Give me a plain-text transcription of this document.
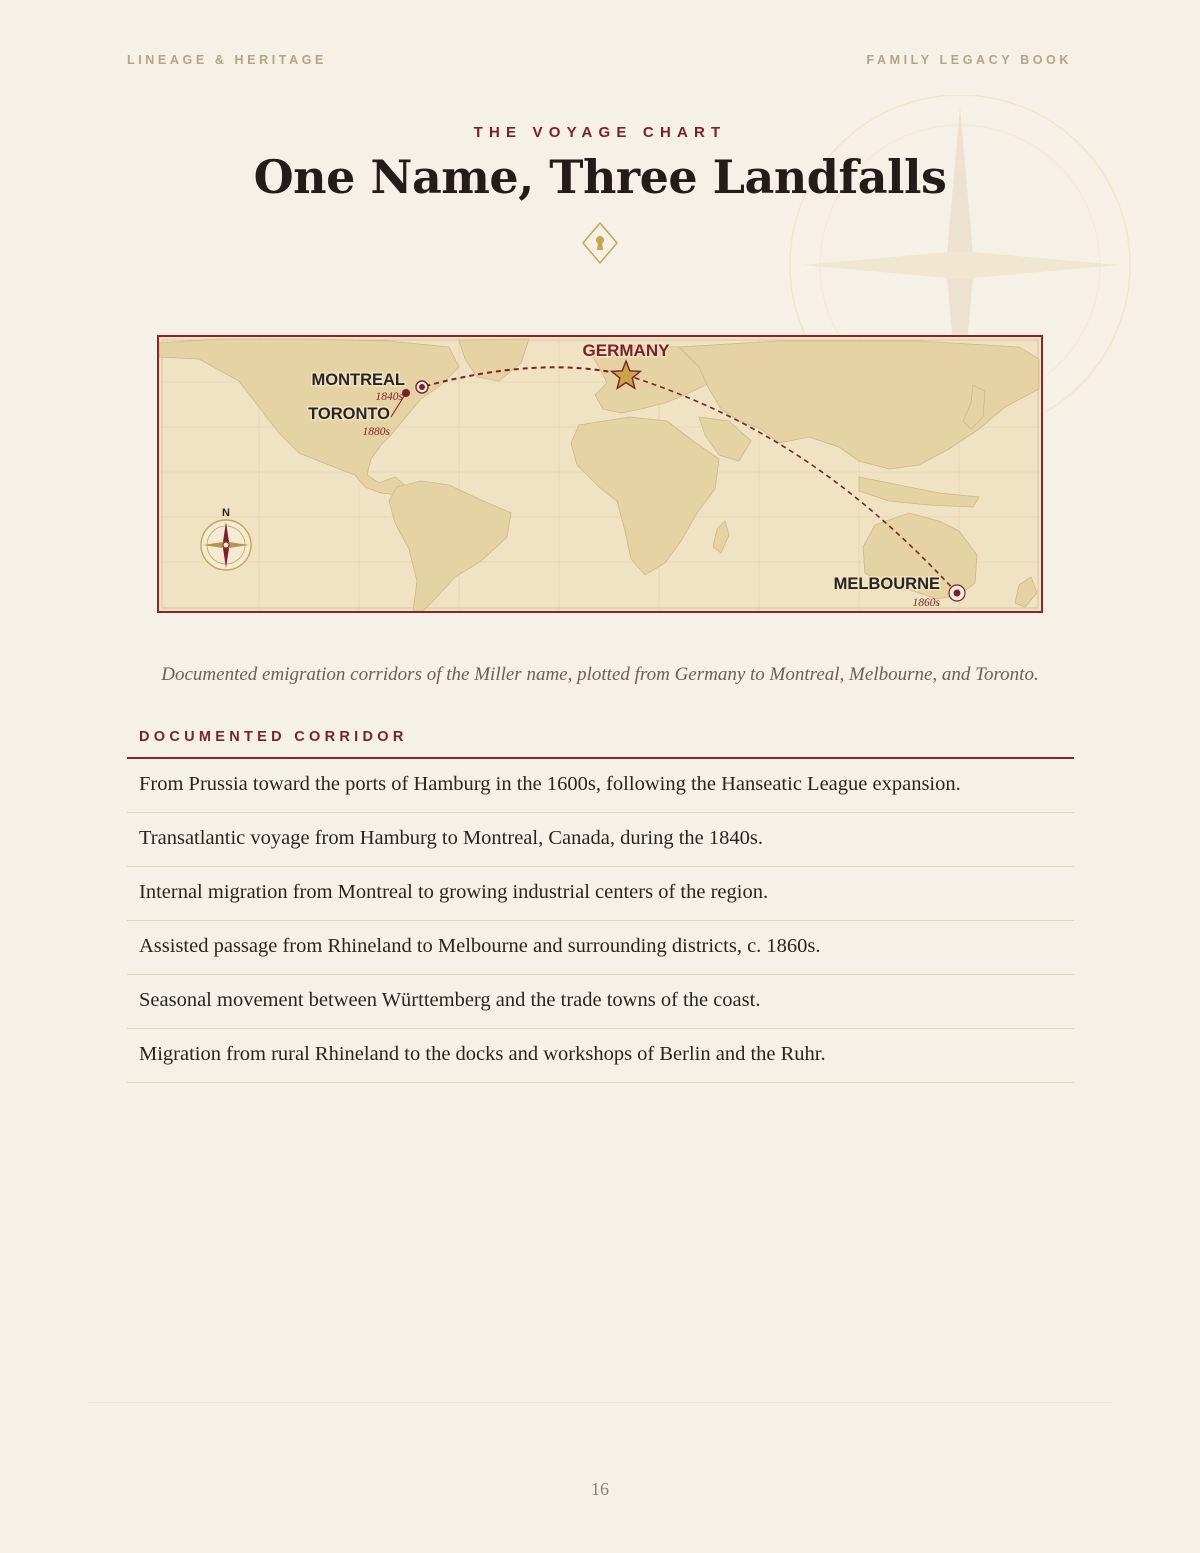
LINEAGE & HERITAGE	FAMILY LEGACY BOOK
THE VOYAGE CHART
One Name, Three Landfalls
GERMANY
MONTREAL
1840s
TORONTO
1880s
MELBOURNE
1860s
N
Documented emigration corridors of the Miller name, plotted from Germany to Montreal, Melbourne, and Toronto.
DOCUMENTED CORRIDOR
From Prussia toward the ports of Hamburg in the 1600s, following the Hanseatic League expansion.
Transatlantic voyage from Hamburg to Montreal, Canada, during the 1840s.
Internal migration from Montreal to growing industrial centers of the region.
Assisted passage from Rhineland to Melbourne and surrounding districts, c. 1860s.
Seasonal movement between Württemberg and the trade towns of the coast.
Migration from rural Rhineland to the docks and workshops of Berlin and the Ruhr.
16
